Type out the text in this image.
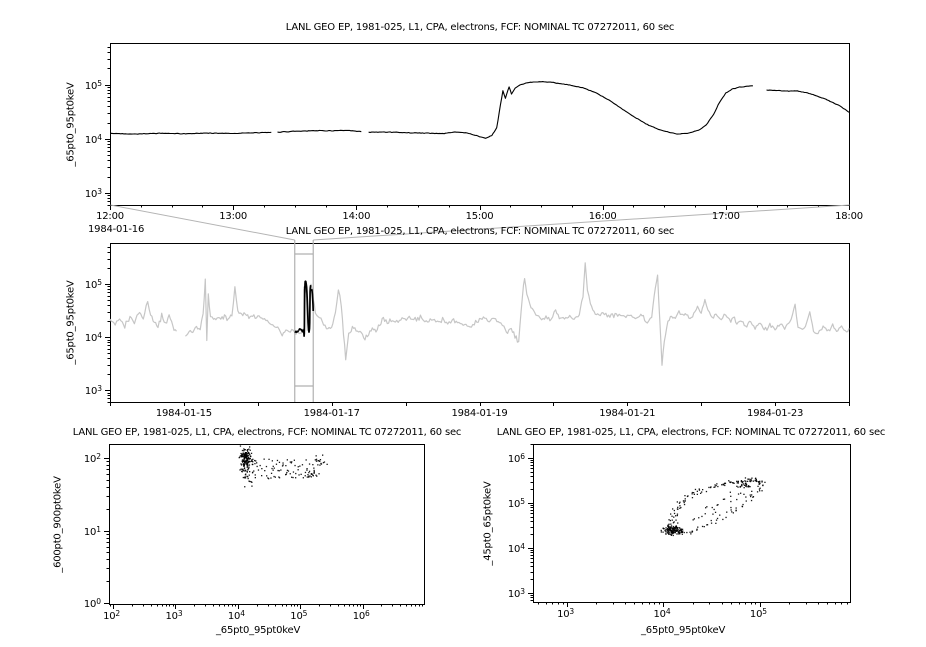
LANL GEO EP, 1981-025, L1, CPA, electrons, FCF: NOMINAL TC 07272011, 60 sec
LANL GEO EP, 1981-025, L1, CPA, electrons, FCF: NOMINAL TC 07272011, 60 sec
LANL GEO EP, 1981-025, L1, CPA, electrons, FCF: NOMINAL TC 07272011, 60 sec	LANL GEO EP, 1981-025, L1, CPA, electrons, FCF: NOMINAL TC 07272011, 60 sec
_65pt0_95pt0keV
_65pt0_95pt0keV
_600pt0_900pt0keV	_45pt0_65pt0keV
_65pt0_95pt0keV	_65pt0_95pt0keV
1984-01-16
12:00	13:00	14:00	15:00	16:00	17:00	18:00
$10^3$
$10^4$
$10^5$
1984-01-15	1984-01-17	1984-01-19	1984-01-21	1984-01-23
$10^3$
$10^4$
$10^5$
$10^2$	$10^3$	$10^4$	$10^5$	$10^6$
$10^0$
$10^1$
$10^2$
$10^3$	$10^4$	$10^5$
$10^3$
$10^4$
$10^5$
$10^6$
